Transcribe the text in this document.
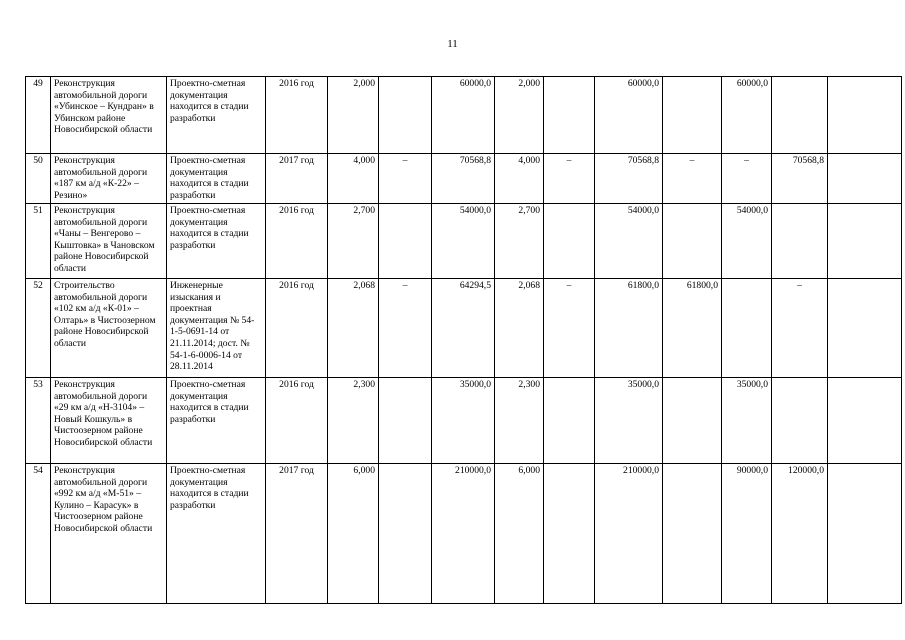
11
49	Реконструкция автомобильной дороги «Убинское – Кундран» в Убинском районе Новосибирской области	Проектно-сметная документация находится в стадии разработки	2016 год	2,000		60000,0	2,000		60000,0		60000,0		
50	Реконструкция автомобильной дороги «187 км а/д «К-22» – Резино»	Проектно-сметная документация находится в стадии разработки	2017 год	4,000	–	70568,8	4,000	–	70568,8	–	–	70568,8	
51	Реконструкция автомобильной дороги «Чаны – Венгерово – Кыштовка» в Чановском районе Новосибирской области	Проектно-сметная документация находится в стадии разработки	2016 год	2,700		54000,0	2,700		54000,0		54000,0		
52	Строительство автомобильной дороги «102 км а/д «К-01» – Олтарь» в Чистоозерном районе Новосибирской области	Инженерные изыскания и проектная документация № 54-1-5-0691-14 от 21.11.2014; дост. № 54-1-6-0006-14 от 28.11.2014	2016 год	2,068	–	64294,5	2,068	–	61800,0	61800,0		–	
53	Реконструкция автомобильной дороги «29 км а/д «Н-3104» – Новый Кошкуль» в Чистоозерном районе Новосибирской области	Проектно-сметная документация находится в стадии разработки	2016 год	2,300		35000,0	2,300		35000,0		35000,0		
54	Реконструкция автомобильной дороги «992 км а/д «М-51» – Кулинo – Карасук» в Чистоозерном районе Новосибирской области	Проектно-сметная документация находится в стадии разработки	2017 год	6,000		210000,0	6,000		210000,0		90000,0	120000,0	
